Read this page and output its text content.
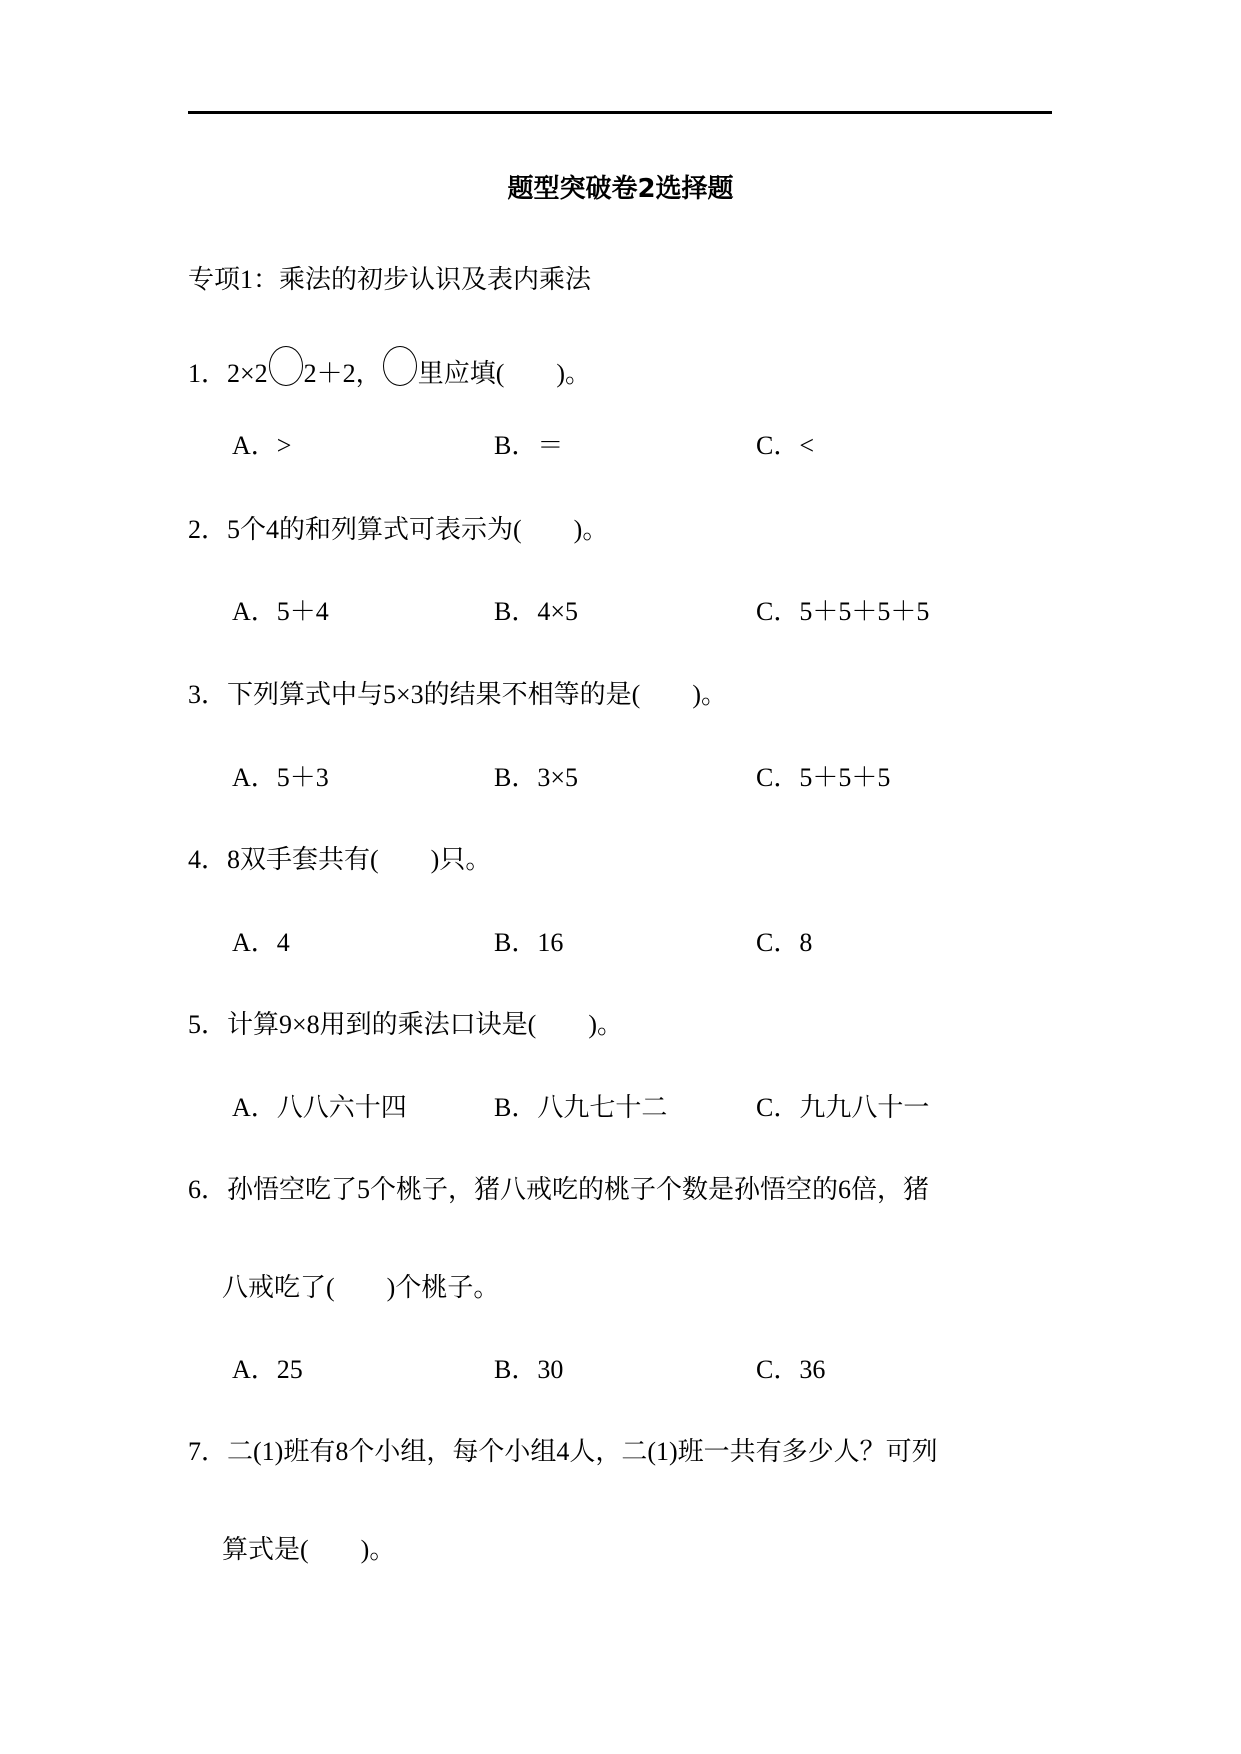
题型突破卷2选择题
专项1：乘法的初步认识及表内乘法
1．2×2 2＋2， 里应填(　　)。
A．>	B．＝	C．<
2．5个4的和列算式可表示为(　　)。
A．5＋4	B．4×5	C．5＋5＋5＋5
3．下列算式中与5×3的结果不相等的是(　　)。
A．5＋3	B．3×5	C．5＋5＋5
4．8双手套共有(　　)只。
A．4	B．16	C．8
5．计算9×8用到的乘法口诀是(　　)。
A．八八六十四	B．八九七十二	C．九九八十一
6．孙悟空吃了5个桃子，猪八戒吃的桃子个数是孙悟空的6倍，猪
八戒吃了(　　)个桃子。
A．25	B．30	C．36
7．二(1)班有8个小组，每个小组4人，二(1)班一共有多少人？可列
算式是(　　)。
